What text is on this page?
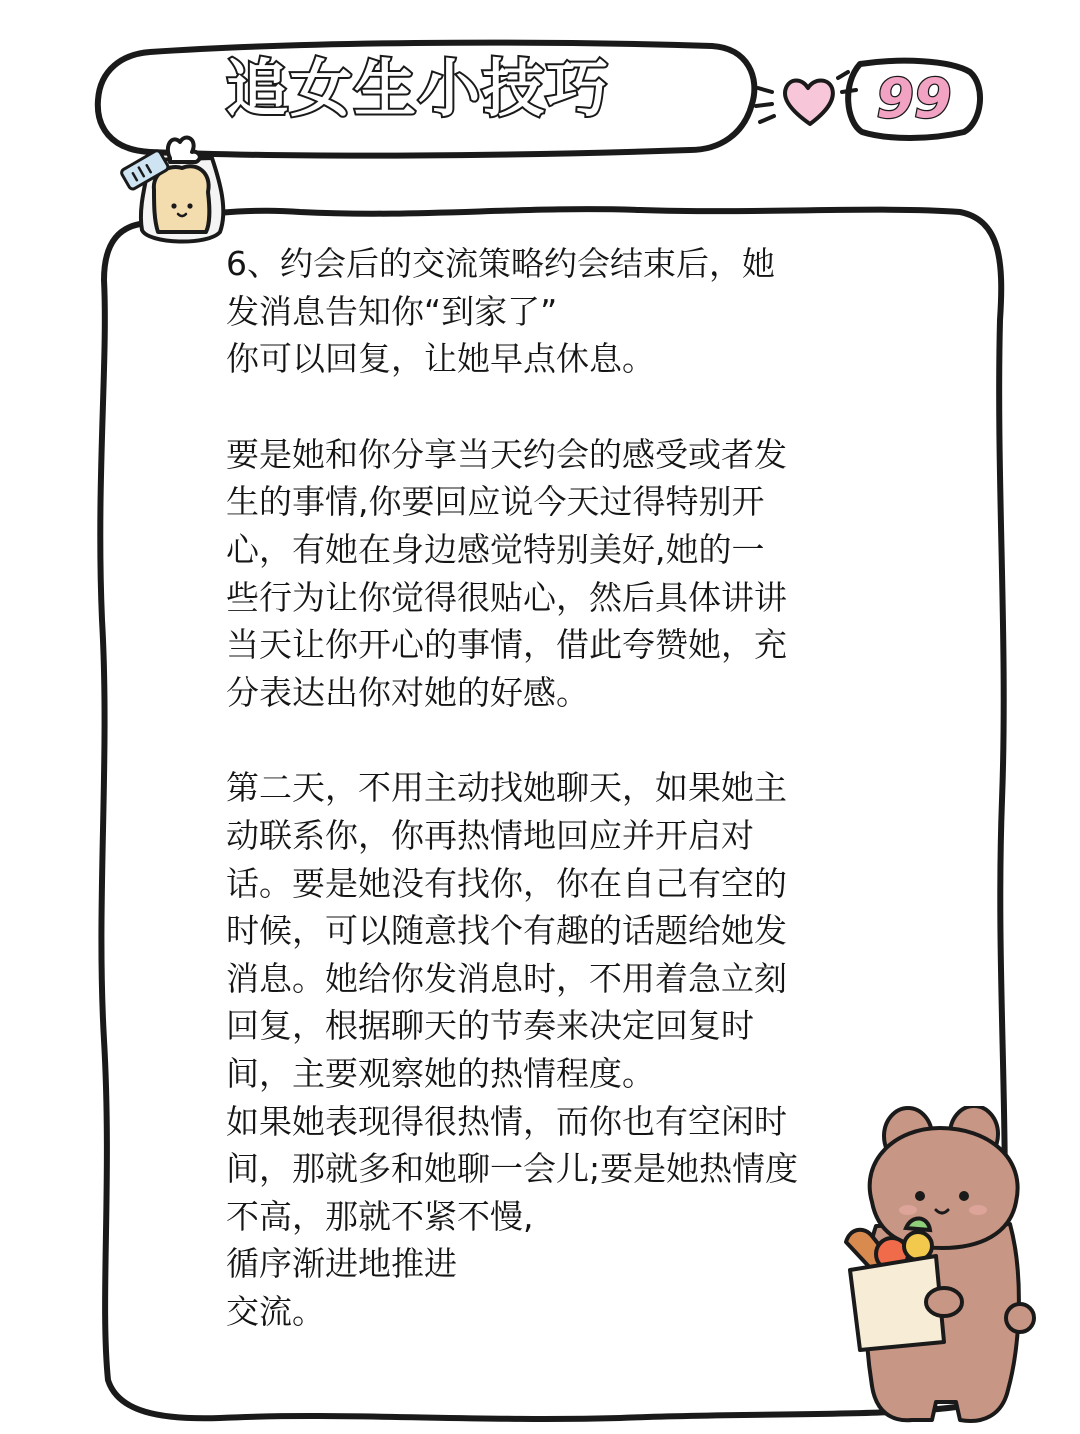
追女生小技巧	99

6、约会后的交流策略约会结束后，她
发消息告知你“到家了”
你可以回复，让她早点休息。

要是她和你分享当天约会的感受或者发
生的事情,你要回应说今天过得特别开
心，有她在身边感觉特别美好,她的一
些行为让你觉得很贴心，然后具体讲讲
当天让你开心的事情，借此夸赞她，充
分表达出你对她的好感。

第二天，不用主动找她聊天，如果她主
动联系你，你再热情地回应并开启对
话。要是她没有找你，你在自己有空的
时候，可以随意找个有趣的话题给她发
消息。她给你发消息时，不用着急立刻
回复，根据聊天的节奏来决定回复时
间，主要观察她的热情程度。
如果她表现得很热情，而你也有空闲时
间，那就多和她聊一会儿;要是她热情度
不高，那就不紧不慢,
循序渐进地推进
交流。
